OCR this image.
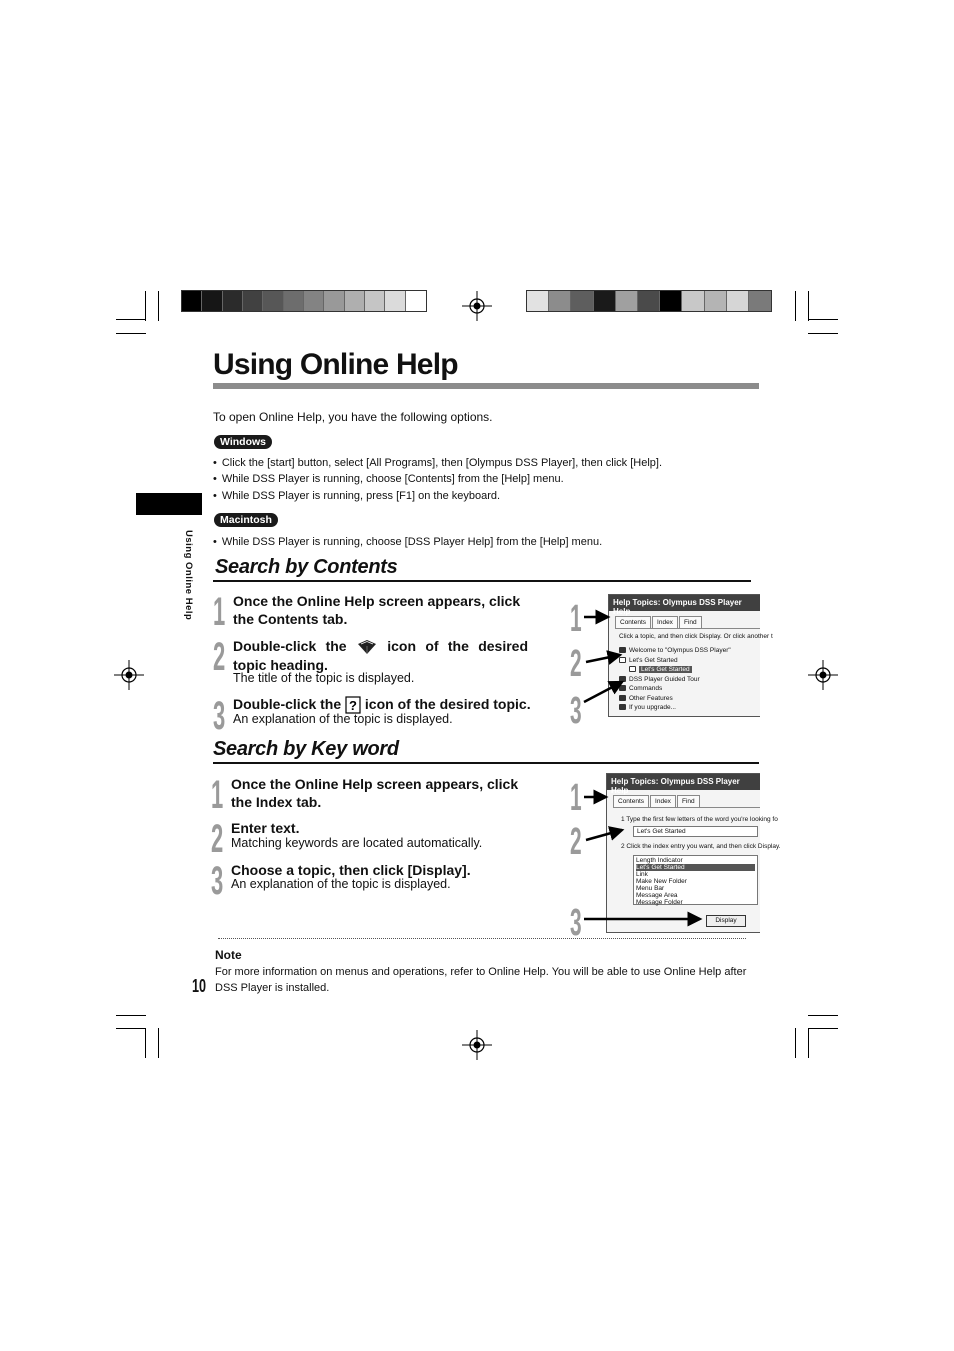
Using Online Help
To open Online Help, you have the following options.
Windows
• Click the [start] button, select [All Programs], then [Olympus DSS Player], then click [Help].
• While DSS Player is running, choose [Contents] from the [Help] menu.
• While DSS Player is running, press [F1] on the keyboard.
Macintosh
• While DSS Player is running, choose [DSS Player Help] from the [Help] menu.
Using Online Help Search by Contents
1 Once the Online Help screen appears, click the Contents tab.
2 Double-click the	icon of the desired topic heading.
The title of the topic is displayed.
3 Double-click the ? icon of the desired topic.
An explanation of the topic is displayed.
Help Topics: Olympus DSS Player Help
Contents	Index	Find
Click a topic, and then click Display. Or click another t
Welcome to "Olympus DSS Player"
Let's Get Started
Let's Get Started
DSS Player Guided Tour
Commands
Other Features
If you upgrade...
1
2
3
Search by Key word
1 Once the Online Help screen appears, click the Index tab.
2 Enter text.
Matching keywords are located automatically.
3 Choose a topic, then click [Display].
An explanation of the topic is displayed.
Help Topics: Olympus DSS Player Help
Contents	Index	Find
1 Type the first few letters of the word you're looking fo
Let's Get Started
2 Click the index entry you want, and then click Display.
Length Indicator
Let's Get Started
Link
Make New Folder
Menu Bar
Message Area
Message Folder
Display
1
2
3
Note
For more information on menus and operations, refer to Online Help. You will be able to use Online Help after DSS Player is installed.
10
